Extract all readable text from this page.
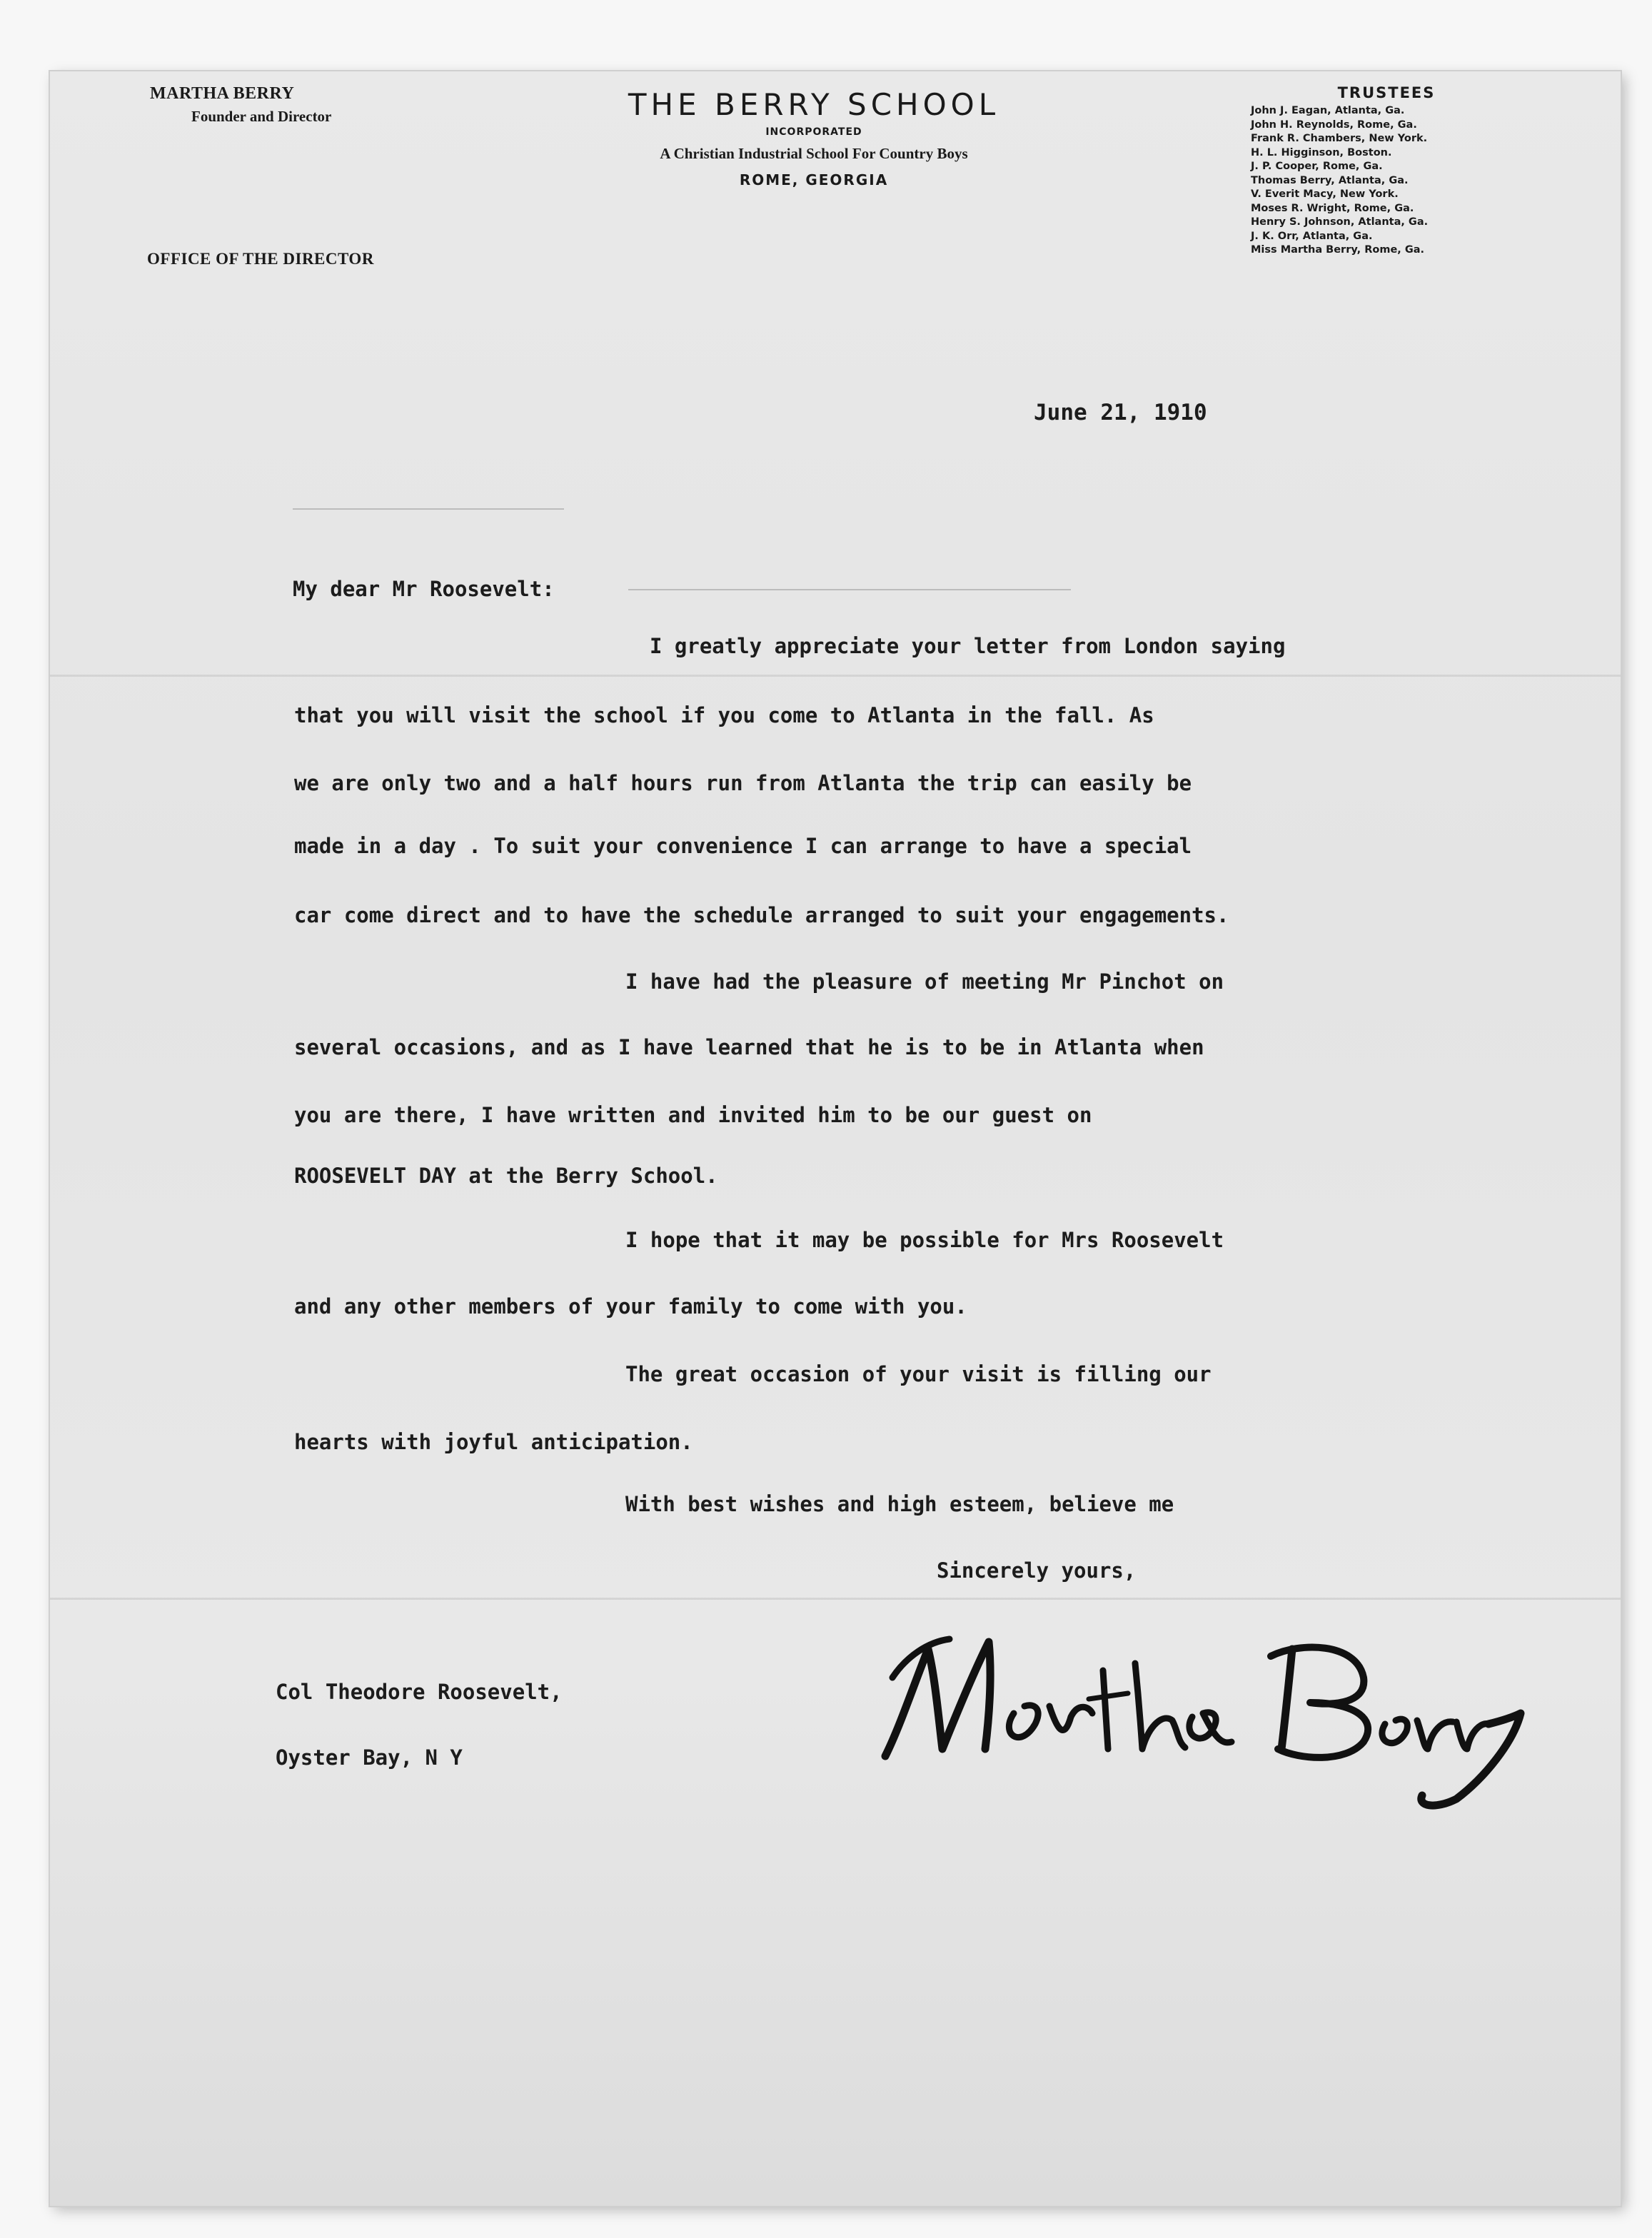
MARTHA BERRY
Founder and Director
OFFICE OF THE DIRECTOR
THE BERRY SCHOOL
INCORPORATED
A Christian Industrial School For Country Boys
ROME, GEORGIA
TRUSTEES
John J. Eagan, Atlanta, Ga.
John H. Reynolds, Rome, Ga.
Frank R. Chambers, New York.
H. L. Higginson, Boston.
J. P. Cooper, Rome, Ga.
Thomas Berry, Atlanta, Ga.
V. Everit Macy, New York.
Moses R. Wright, Rome, Ga.
Henry S. Johnson, Atlanta, Ga.
J. K. Orr, Atlanta, Ga.
Miss Martha Berry, Rome, Ga.
June 21, 1910
My dear Mr Roosevelt:
I greatly appreciate your letter from London saying
that you will visit the school if you come to Atlanta in the fall. As
we are only two and a half hours run from Atlanta the trip can easily be
made in a day . To suit your convenience I can arrange to have a special
car come direct and to have the schedule arranged to suit your engagements.
I have had the pleasure of meeting Mr Pinchot on
several occasions, and as I have learned that he is to be in Atlanta when
you are there, I have written and invited him to be our guest on
ROOSEVELT DAY at the Berry School.
I hope that it may be possible for Mrs Roosevelt
and any other members of your family to come with you.
The great occasion of your visit is filling our
hearts with joyful anticipation.
With best wishes and high esteem, believe me
Sincerely yours,
Col Theodore Roosevelt,
Oyster Bay, N Y
